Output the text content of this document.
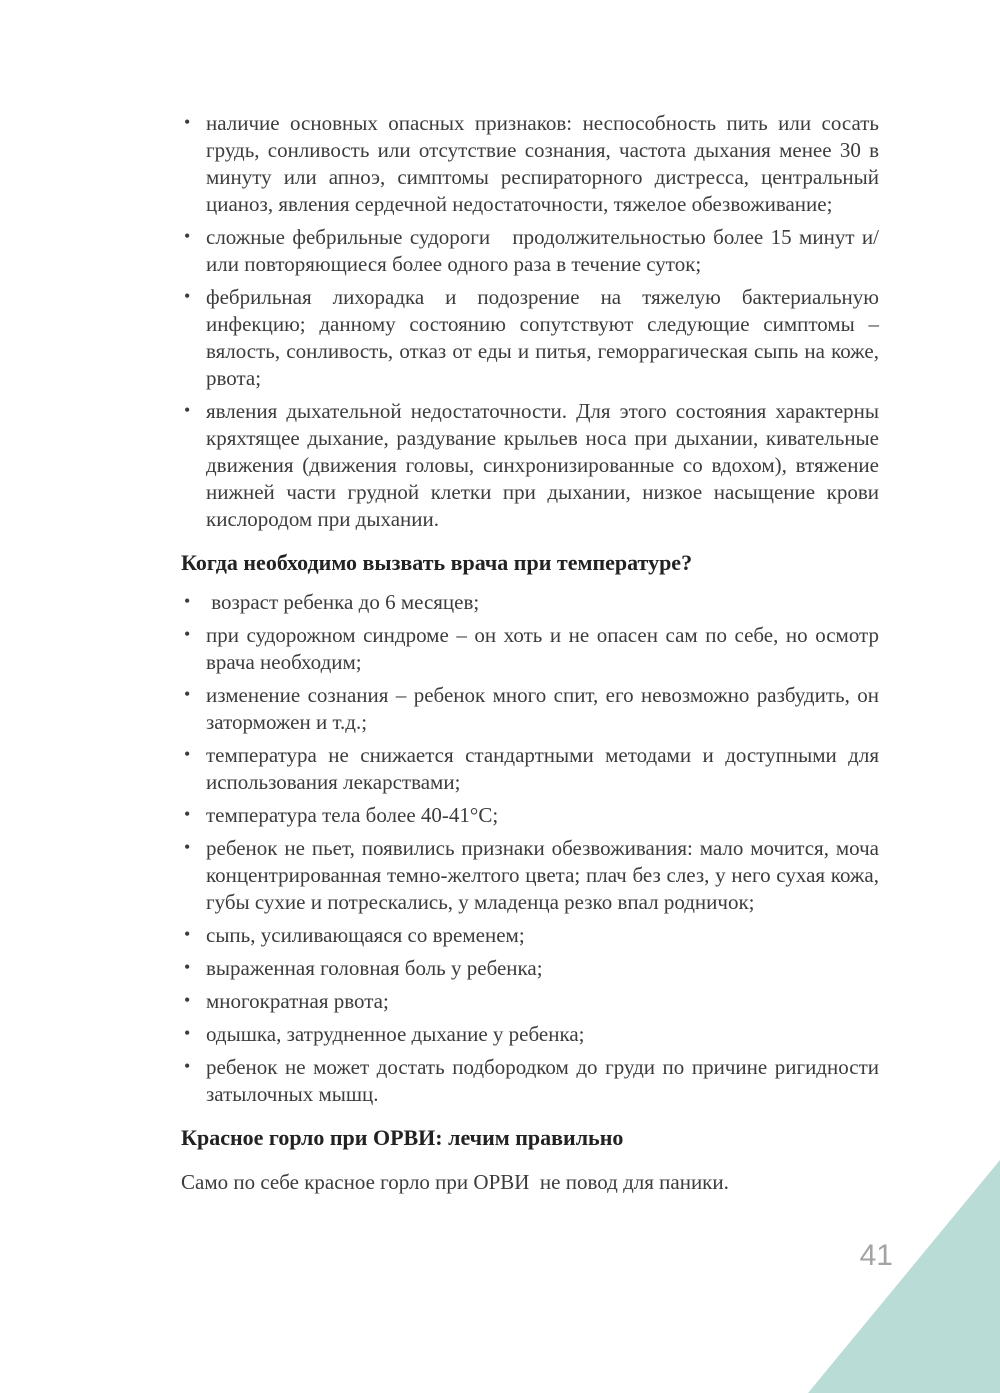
• наличие основных опасных признаков: неспособность пить или сосать грудь, сонливость или отсутствие сознания, частота дыхания менее 30 в минуту или апноэ, симптомы респираторного дистресса, центральный цианоз, явления сердечной недостаточности, тяжелое обезвоживание;
• сложные фебрильные судороги   продолжительностью более 15 минут и/или повторяющиеся более одного раза в течение суток;
• фебрильная лихорадка и подозрение на тяжелую бактериальную инфекцию; данному состоянию сопутствуют следующие симптомы – вялость, сонливость, отказ от еды и питья, геморрагическая сыпь на коже, рвота;
• явления дыхательной недостаточности. Для этого состояния характерны кряхтящее дыхание, раздувание крыльев носа при дыхании, кивательные движения (движения головы, синхронизированные со вдохом), втяжение нижней части грудной клетки при дыхании, низкое насыщение крови кислородом при дыхании.
Когда необходимо вызвать врача при температуре?
•  возраст ребенка до 6 месяцев;
• при судорожном синдроме – он хоть и не опасен сам по себе, но осмотр врача необходим;
• изменение сознания – ребенок много спит, его невозможно разбудить, он заторможен и т.д.;
• температура не снижается стандартными методами и доступными для использования лекарствами;
• температура тела более 40-41°С;
• ребенок не пьет, появились признаки обезвоживания: мало мочится, моча концентрированная темно-желтого цвета; плач без слез, у него сухая кожа, губы сухие и потрескались, у младенца резко впал родничок;
• сыпь, усиливающаяся со временем;
• выраженная головная боль у ребенка;
• многократная рвота;
• одышка, затрудненное дыхание у ребенка;
• ребенок не может достать подбородком до груди по причине ригидности затылочных мышц.
Красное горло при ОРВИ: лечим правильно

Само по себе красное горло при ОРВИ  не повод для паники.

41
